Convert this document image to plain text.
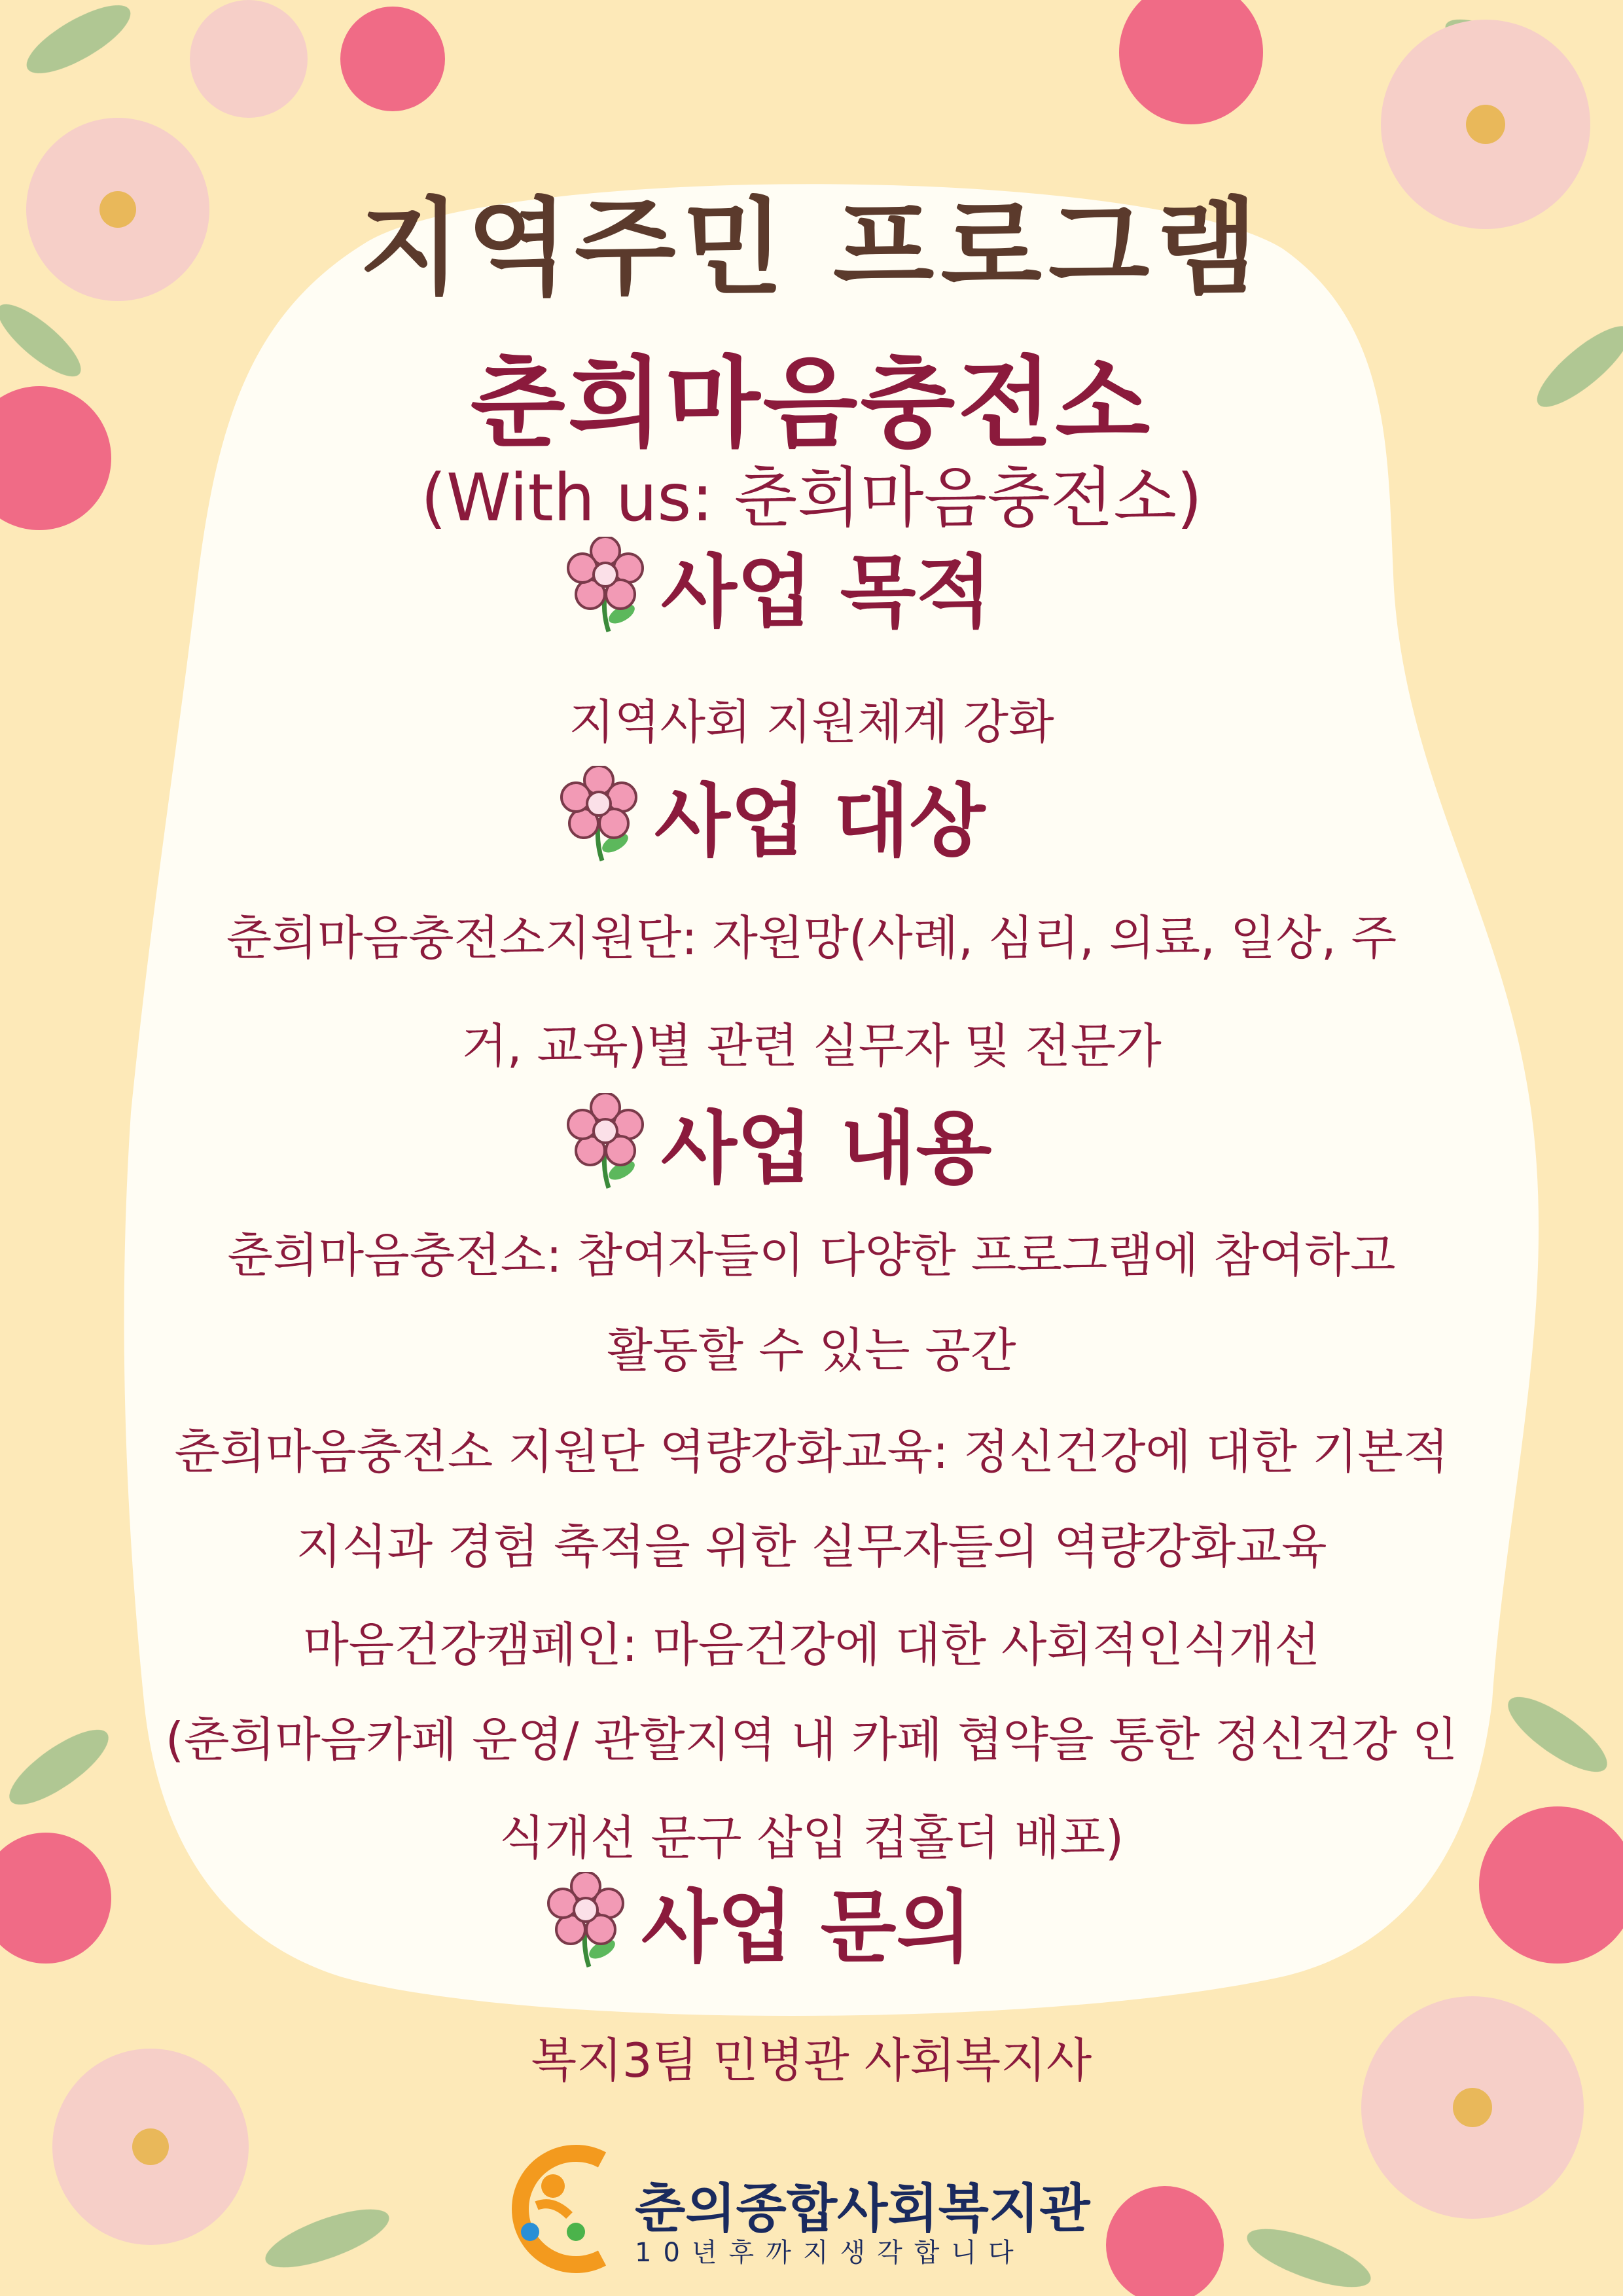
지역주민 프로그램
춘희마음충전소
(With us: 춘희마음충전소)
사업 목적
지역사회 지원체계 강화
사업 대상
춘희마음충전소지원단: 자원망(사례, 심리, 의료, 일상, 주
거, 교육)별 관련 실무자 및 전문가
사업 내용
춘희마음충전소: 참여자들이 다양한 프로그램에 참여하고
활동할 수 있는 공간
춘희마음충전소 지원단 역량강화교육: 정신건강에 대한 기본적
지식과 경험 축적을 위한 실무자들의 역량강화교육
마음건강캠페인: 마음건강에 대한 사회적인식개선
(춘희마음카페 운영/ 관할지역 내 카페 협약을 통한 정신건강 인
식개선 문구 삽입 컵홀더 배포)
사업 문의
복지3팀 민병관 사회복지사
춘의종합사회복지관
10년후까지생각합니다
